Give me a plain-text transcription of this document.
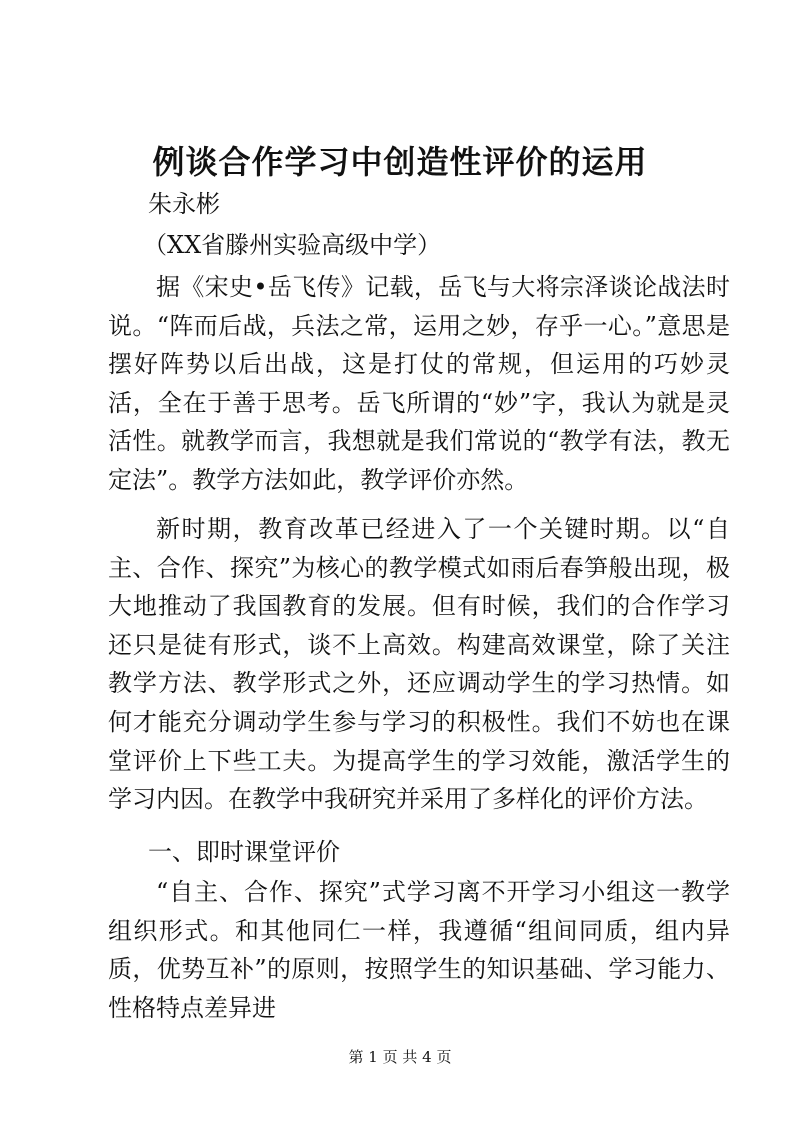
例谈合作学习中创造性评价的运用
朱永彬
（XX省滕州实验高级中学）

据《宋史•岳飞传》记载，岳飞与大将宗泽谈论战法时说。“阵而后战，兵法之常，运用之妙，存乎一心。”意思是摆好阵势以后出战，这是打仗的常规，但运用的巧妙灵活，全在于善于思考。岳飞所谓的“妙”字，我认为就是灵活性。就教学而言，我想就是我们常说的“教学有法，教无定法”。教学方法如此，教学评价亦然。

新时期，教育改革已经进入了一个关键时期。以“自主、合作、探究”为核心的教学模式如雨后春笋般出现，极大地推动了我国教育的发展。但有时候，我们的合作学习还只是徒有形式，谈不上高效。构建高效课堂，除了关注教学方法、教学形式之外，还应调动学生的学习热情。如何才能充分调动学生参与学习的积极性。我们不妨也在课堂评价上下些工夫。为提高学生的学习效能，激活学生的学习内因。在教学中我研究并采用了多样化的评价方法。

一、即时课堂评价

“自主、合作、探究”式学习离不开学习小组这一教学组织形式。和其他同仁一样，我遵循“组间同质，组内异质，优势互补”的原则，按照学生的知识基础、学习能力、性格特点差异进

第 1 页 共 4 页
